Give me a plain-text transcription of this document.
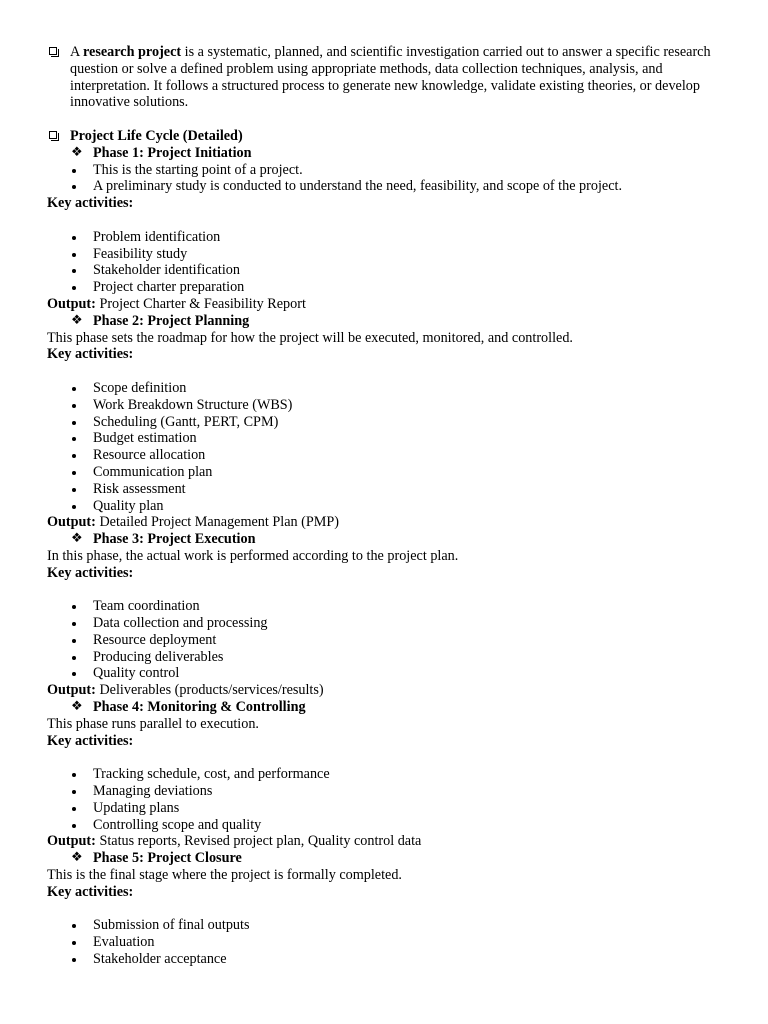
A research project is a systematic, planned, and scientific investigation carried out to answer a specific research question or solve a defined problem using appropriate methods, data collection techniques, analysis, and interpretation. It follows a structured process to generate new knowledge, validate existing theories, or develop innovative solutions.
Project Life Cycle (Detailed)
❖ Phase 1: Project Initiation
This is the starting point of a project.
A preliminary study is conducted to understand the need, feasibility, and scope of the project.
Key activities:
Problem identification
Feasibility study
Stakeholder identification
Project charter preparation
Output: Project Charter & Feasibility Report
❖ Phase 2: Project Planning
This phase sets the roadmap for how the project will be executed, monitored, and controlled.
Key activities:
Scope definition
Work Breakdown Structure (WBS)
Scheduling (Gantt, PERT, CPM)
Budget estimation
Resource allocation
Communication plan
Risk assessment
Quality plan
Output: Detailed Project Management Plan (PMP)
❖ Phase 3: Project Execution
In this phase, the actual work is performed according to the project plan.
Key activities:
Team coordination
Data collection and processing
Resource deployment
Producing deliverables
Quality control
Output: Deliverables (products/services/results)
❖ Phase 4: Monitoring & Controlling
This phase runs parallel to execution.
Key activities:
Tracking schedule, cost, and performance
Managing deviations
Updating plans
Controlling scope and quality
Output: Status reports, Revised project plan, Quality control data
❖ Phase 5: Project Closure
This is the final stage where the project is formally completed.
Key activities:
Submission of final outputs
Evaluation
Stakeholder acceptance
